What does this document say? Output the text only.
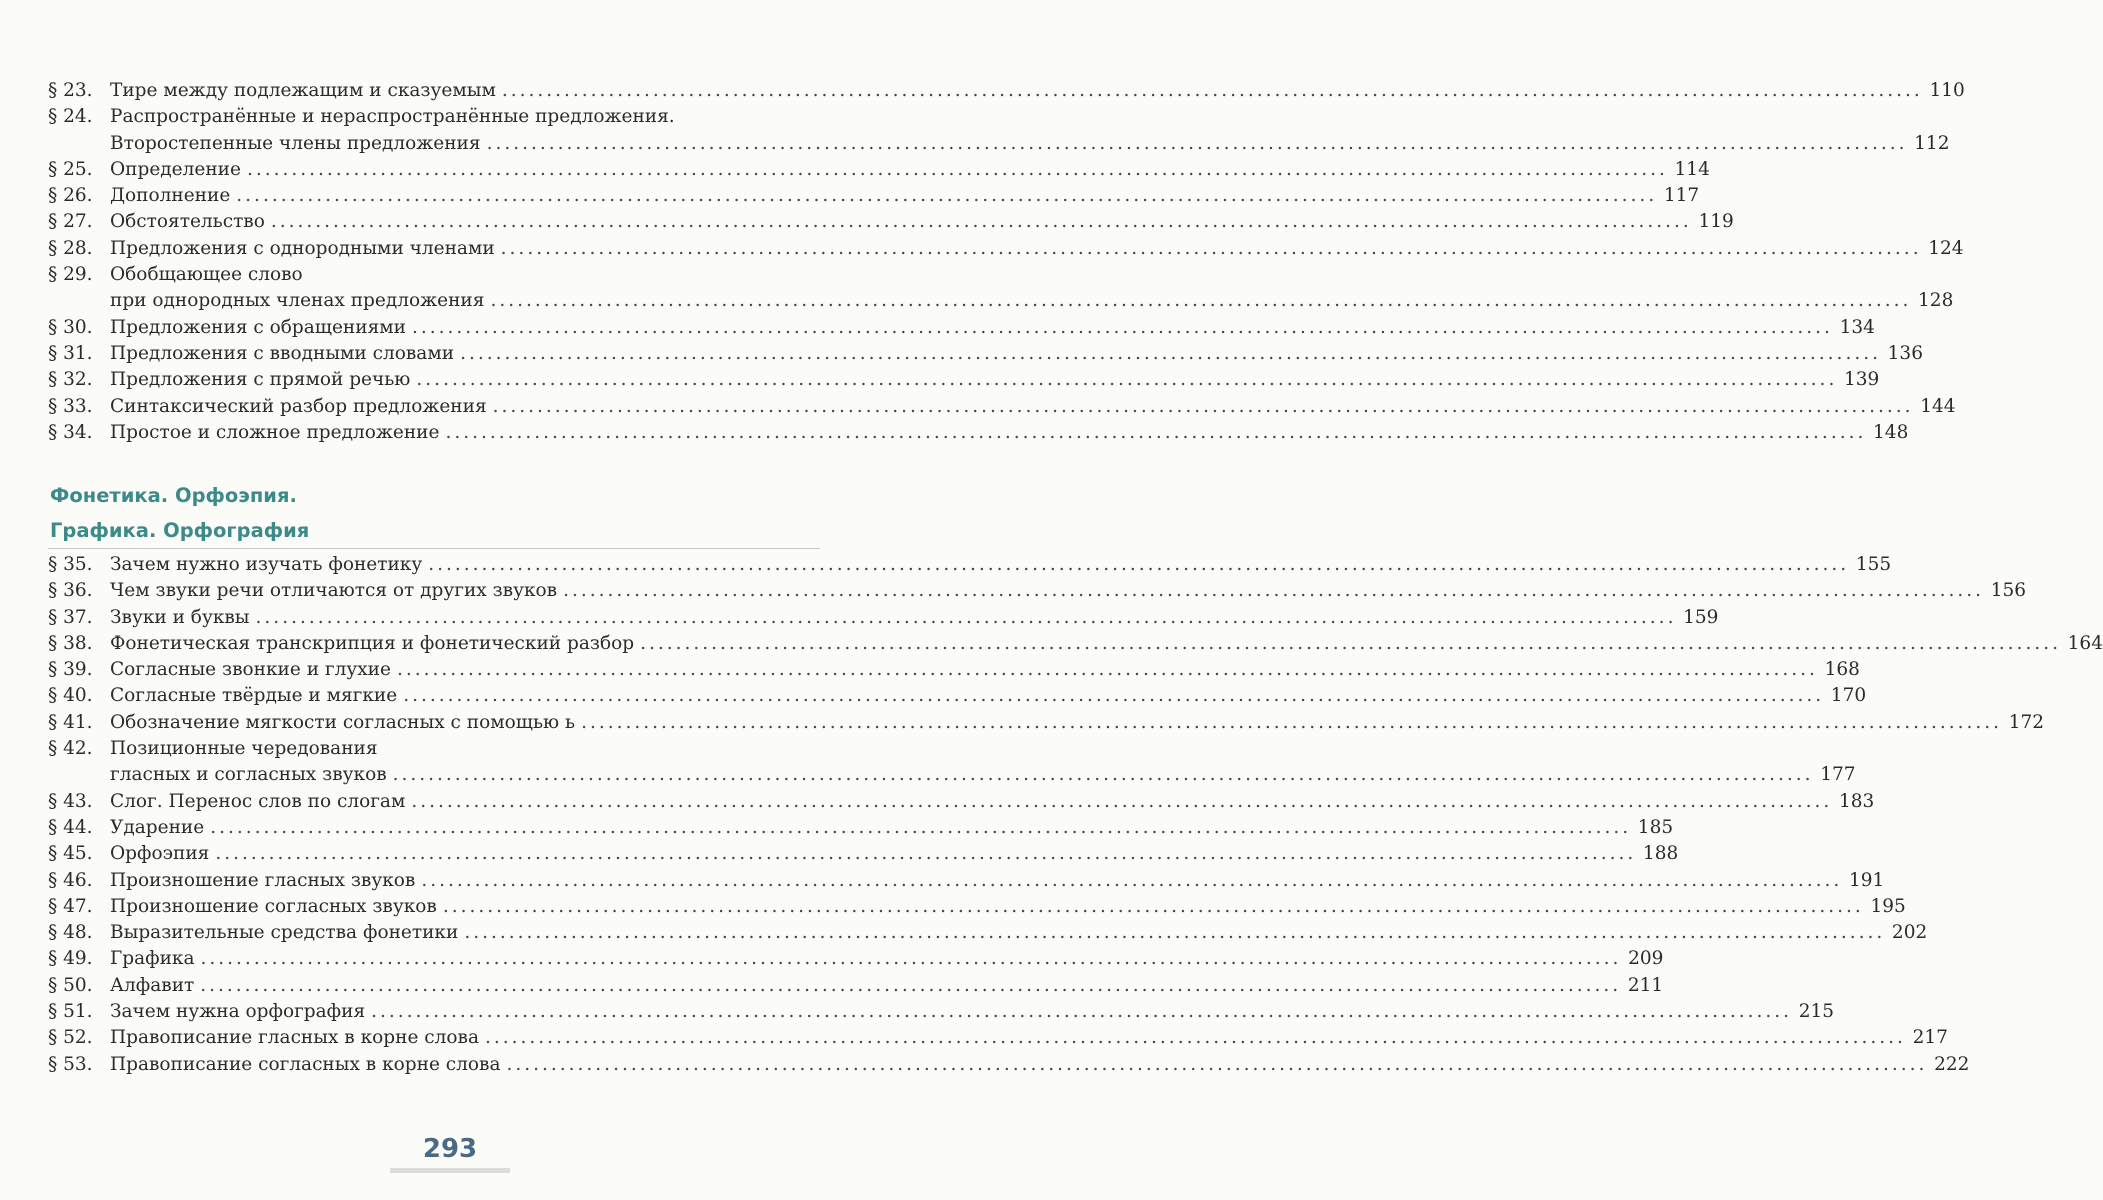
§ 23. Тире между подлежащим и сказуемым ................................................................................................................................................................ 110
§ 24. Распространённые и нераспространённые предложения.
Второстепенные члены предложения ................................................................................................................................................................ 112
§ 25. Определение ................................................................................................................................................................ 114
§ 26. Дополнение ................................................................................................................................................................ 117
§ 27. Обстоятельство ................................................................................................................................................................ 119
§ 28. Предложения с однородными членами ................................................................................................................................................................ 124
§ 29. Обобщающее слово
при однородных членах предложения ................................................................................................................................................................ 128
§ 30. Предложения с обращениями ................................................................................................................................................................ 134
§ 31. Предложения с вводными словами ................................................................................................................................................................ 136
§ 32. Предложения с прямой речью ................................................................................................................................................................ 139
§ 33. Синтаксический разбор предложения ................................................................................................................................................................ 144
§ 34. Простое и сложное предложение ................................................................................................................................................................ 148
Фонетика. Орфоэпия.
Графика. Орфография
§ 35. Зачем нужно изучать фонетику ................................................................................................................................................................ 155
§ 36. Чем звуки речи отличаются от других звуков ................................................................................................................................................................ 156
§ 37. Звуки и буквы ................................................................................................................................................................ 159
§ 38. Фонетическая транскрипция и фонетический разбор ................................................................................................................................................................ 164
§ 39. Согласные звонкие и глухие ................................................................................................................................................................ 168
§ 40. Согласные твёрдые и мягкие ................................................................................................................................................................ 170
§ 41. Обозначение мягкости согласных с помощью ь ................................................................................................................................................................ 172
§ 42. Позиционные чередования
гласных и согласных звуков ................................................................................................................................................................ 177
§ 43. Слог. Перенос слов по слогам ................................................................................................................................................................ 183
§ 44. Ударение ................................................................................................................................................................ 185
§ 45. Орфоэпия ................................................................................................................................................................ 188
§ 46. Произношение гласных звуков ................................................................................................................................................................ 191
§ 47. Произношение согласных звуков ................................................................................................................................................................ 195
§ 48. Выразительные средства фонетики ................................................................................................................................................................ 202
§ 49. Графика ................................................................................................................................................................ 209
§ 50. Алфавит ................................................................................................................................................................ 211
§ 51. Зачем нужна орфография ................................................................................................................................................................ 215
§ 52. Правописание гласных в корне слова ................................................................................................................................................................ 217
§ 53. Правописание согласных в корне слова ................................................................................................................................................................ 222
293
